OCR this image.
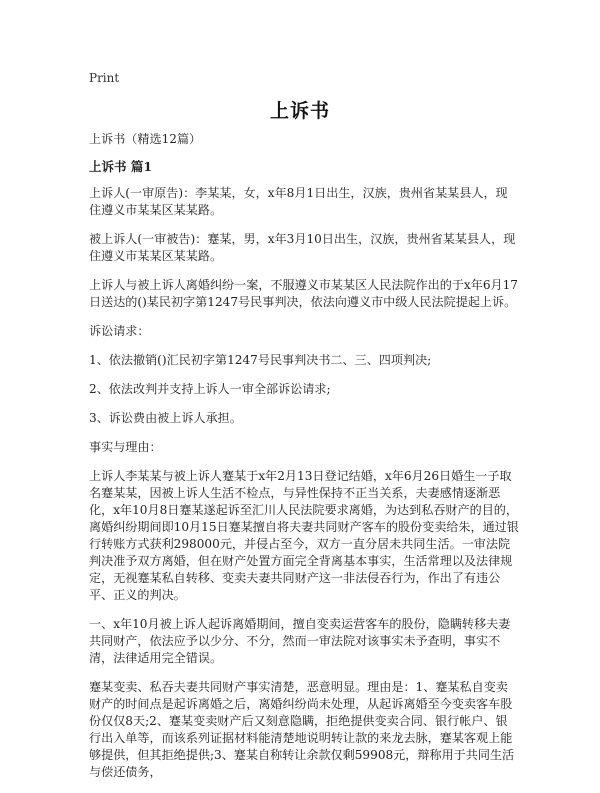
Print
上诉书

上诉书（精选12篇）

上诉书 篇1

上诉人(一审原告)：李某某，女，x年8月1日出生，汉族，贵州省某某县人，现住遵义市某某区某某路。

被上诉人(一审被告)：蹇某，男，x年3月10日出生，汉族，贵州省某某县人，现住遵义市某某区某某路。

上诉人与被上诉人离婚纠纷一案，不服遵义市某某区人民法院作出的于x年6月17日送达的()某民初字第1247号民事判决，依法向遵义市中级人民法院提起上诉。

诉讼请求：

1、依法撤销()汇民初字第1247号民事判决书二、三、四项判决;

2、依法改判并支持上诉人一审全部诉讼请求;

3、诉讼费由被上诉人承担。

事实与理由：

上诉人李某某与被上诉人蹇某于x年2月13日登记结婚，x年6月26日婚生一子取名蹇某某，因被上诉人生活不检点，与异性保持不正当关系，夫妻感情逐渐恶化，x年10月8日蹇某遂起诉至汇川人民法院要求离婚，为达到私吞财产的目的，离婚纠纷期间即10月15日蹇某擅自将夫妻共同财产客车的股份变卖给朱，通过银行转账方式获利298000元，并侵占至今，双方一直分居未共同生活。一审法院判决准予双方离婚，但在财产处置方面完全背离基本事实，生活常理以及法律规定，无视蹇某私自转移、变卖夫妻共同财产这一非法侵吞行为，作出了有违公平、正义的判决。

一、x年10月被上诉人起诉离婚期间，擅自变卖运营客车的股份，隐瞒转移夫妻共同财产，依法应予以少分、不分，然而一审法院对该事实未予查明，事实不清，法律适用完全错误。

蹇某变卖、私吞夫妻共同财产事实清楚，恶意明显。理由是：1、蹇某私自变卖财产的时间点是起诉离婚之后，离婚纠纷尚未处理，从起诉离婚至今变卖客车股份仅仅8天;2、蹇某变卖财产后又刻意隐瞒，拒绝提供变卖合同、银行帐户、银行出入单等，而该系列证据材料能清楚地说明转让款的来龙去脉，蹇某客观上能够提供，但其拒绝提供;3、蹇某自称转让余款仅剩59908元，辩称用于共同生活与偿还债务，
